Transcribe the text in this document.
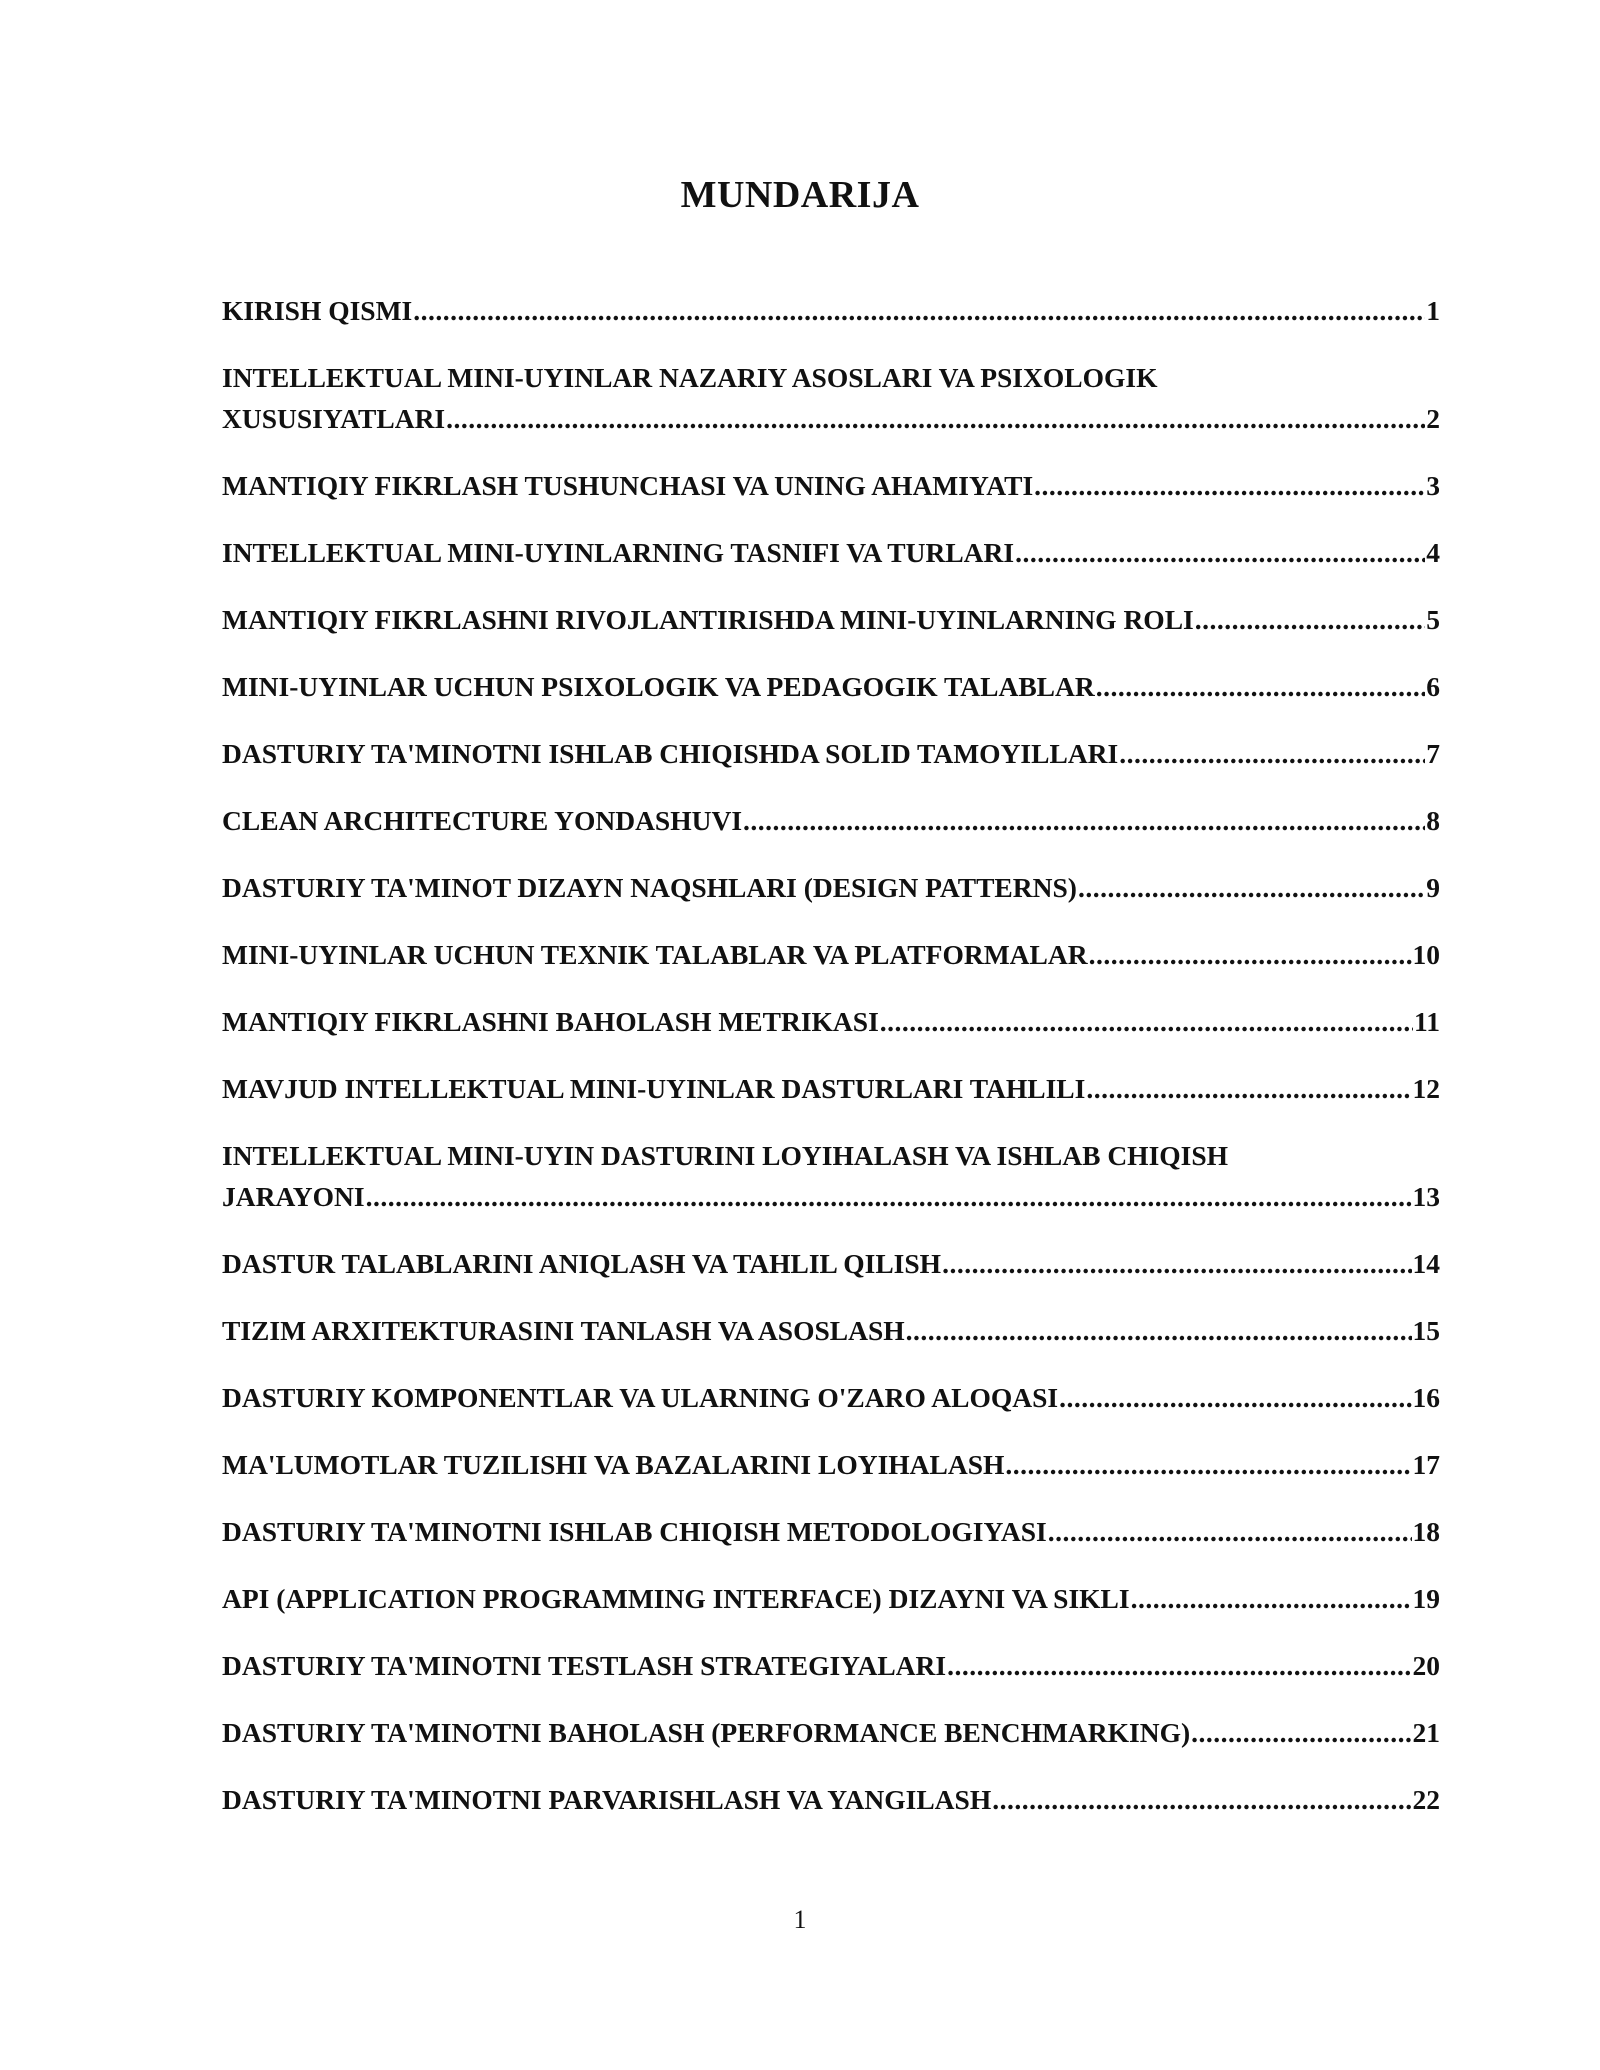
MUNDARIJA
KIRISH QISMI .....	1
INTELLEKTUAL MINI-UYINLAR NAZARIY ASOSLARI VA PSIXOLOGIK
XUSUSIYATLARI .....	2
MANTIQIY FIKRLASH TUSHUNCHASI VA UNING AHAMIYATI .....	3
INTELLEKTUAL MINI-UYINLARNING TASNIFI VA TURLARI .....	4
MANTIQIY FIKRLASHNI RIVOJLANTIRISHDA MINI-UYINLARNING ROLI .....	5
MINI-UYINLAR UCHUN PSIXOLOGIK VA PEDAGOGIK TALABLAR .....	6
DASTURIY TA'MINOTNI ISHLAB CHIQISHDA SOLID TAMOYILLARI .....	7
CLEAN ARCHITECTURE YONDASHUVI .....	8
DASTURIY TA'MINOT DIZAYN NAQSHLARI (DESIGN PATTERNS) .....	9
MINI-UYINLAR UCHUN TEXNIK TALABLAR VA PLATFORMALAR .....	10
MANTIQIY FIKRLASHNI BAHOLASH METRIKASI .....	11
MAVJUD INTELLEKTUAL MINI-UYINLAR DASTURLARI TAHLILI .....	12
INTELLEKTUAL MINI-UYIN DASTURINI LOYIHALASH VA ISHLAB CHIQISH
JARAYONI .....	13
DASTUR TALABLARINI ANIQLASH VA TAHLIL QILISH .....	14
TIZIM ARXITEKTURASINI TANLASH VA ASOSLASH .....	15
DASTURIY KOMPONENTLAR VA ULARNING O'ZARO ALOQASI .....	16
MA'LUMOTLAR TUZILISHI VA BAZALARINI LOYIHALASH .....	17
DASTURIY TA'MINOTNI ISHLAB CHIQISH METODOLOGIYASI .....	18
API (APPLICATION PROGRAMMING INTERFACE) DIZAYNI VA SIKLI .....	19
DASTURIY TA'MINOTNI TESTLASH STRATEGIYALARI .....	20
DASTURIY TA'MINOTNI BAHOLASH (PERFORMANCE BENCHMARKING) .....	21
DASTURIY TA'MINOTNI PARVARISHLASH VA YANGILASH .....	22
1
